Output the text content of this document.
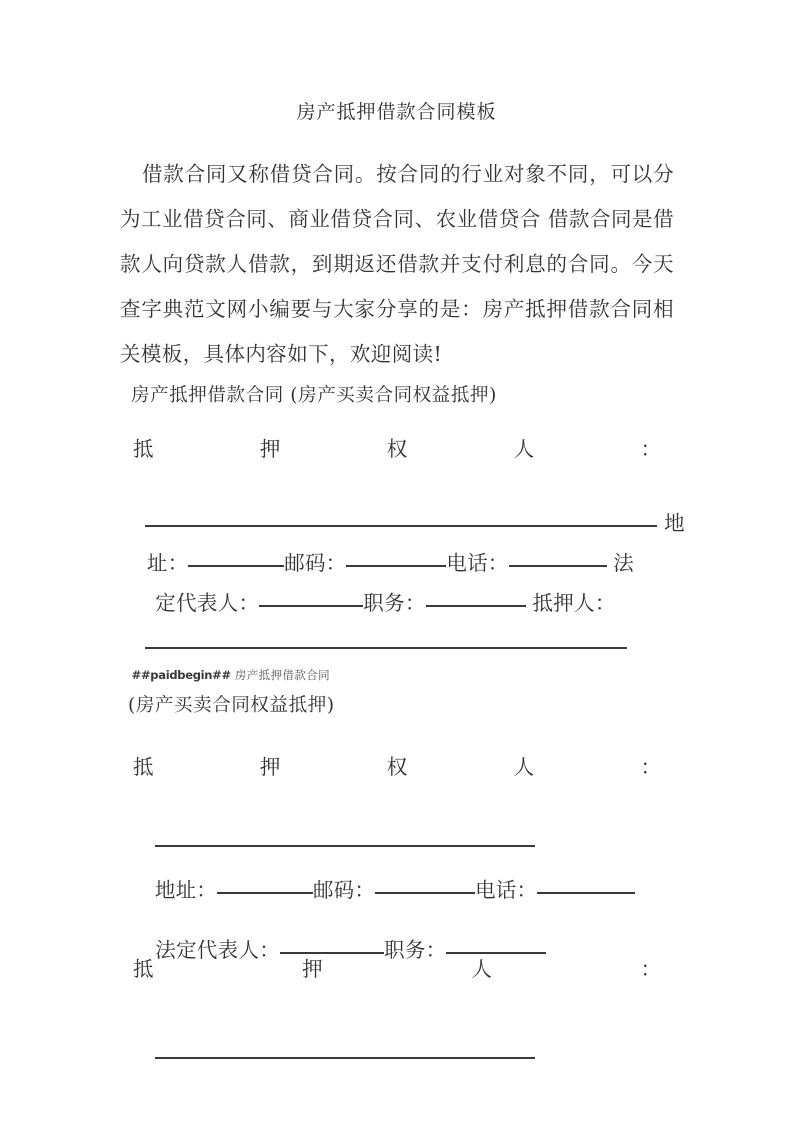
房产抵押借款合同模板
借款合同又称借贷合同。按合同的行业对象不同，可以分为工业借贷合同、商业借贷合同、农业借贷合 借款合同是借款人向贷款人借款，到期返还借款并支付利息的合同。今天查字典范文网小编要与大家分享的是：房产抵押借款合同相关模板，具体内容如下，欢迎阅读!
房产抵押借款合同 (房产买卖合同权益抵押)
抵	押	权	人	：

地

址：	邮码：	电话：	法

定代表人：	职务：	抵押人：

##paidbegin## 房产抵押借款合同

(房产买卖合同权益抵押)
抵	押	权	人	：

地址：	邮码：	电话：

法定代表人：	职务：

抵	押	人	：
